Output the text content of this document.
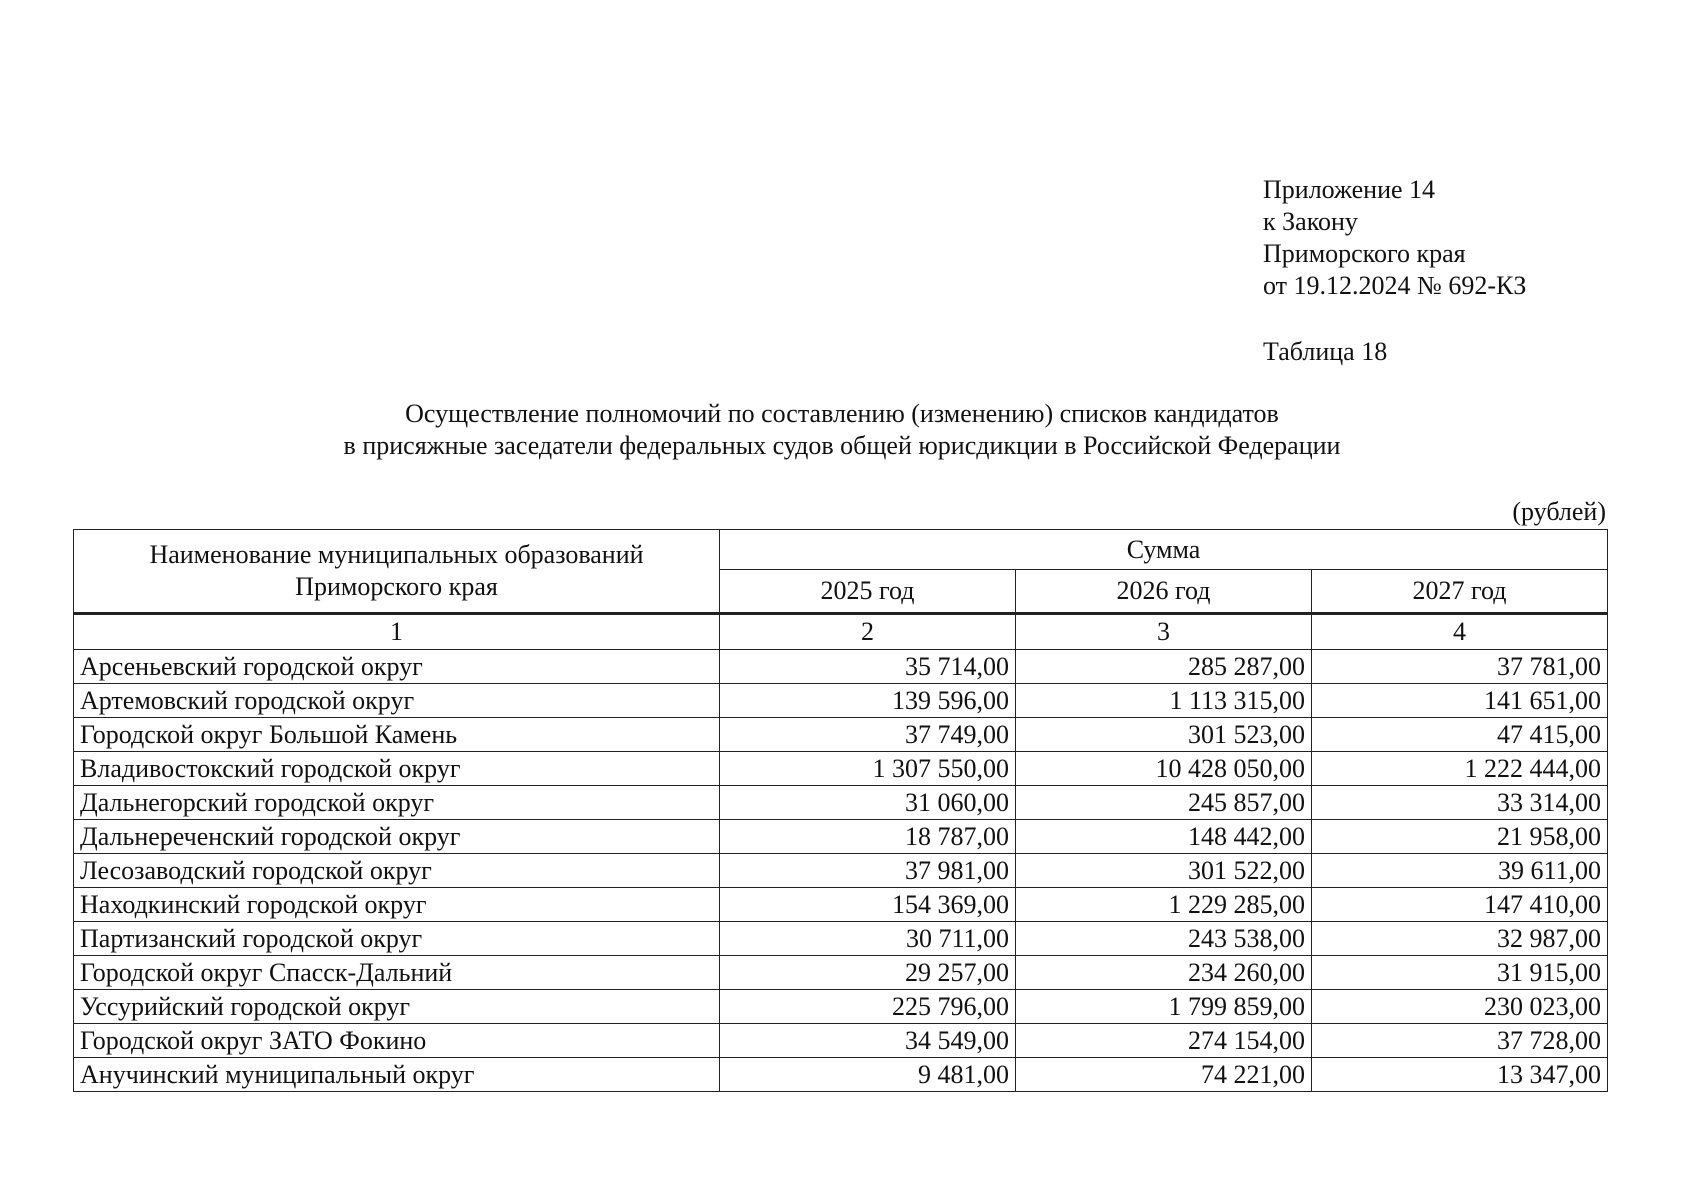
Приложение 14
к Закону
Приморского края
от 19.12.2024 № 692-КЗ
Таблица 18
Осуществление полномочий по составлению (изменению) списков кандидатов
в присяжные заседатели федеральных судов общей юрисдикции в Российской Федерации
(рублей)
Наименование муниципальных образований Приморского края	Сумма		
	2025 год	2026 год	2027 год
1	2	3	4
Арсеньевский городской округ	35 714,00	285 287,00	37 781,00
Артемовский городской округ	139 596,00	1 113 315,00	141 651,00
Городской округ Большой Камень	37 749,00	301 523,00	47 415,00
Владивостокский городской округ	1 307 550,00	10 428 050,00	1 222 444,00
Дальнегорский городской округ	31 060,00	245 857,00	33 314,00
Дальнереченский городской округ	18 787,00	148 442,00	21 958,00
Лесозаводский городской округ	37 981,00	301 522,00	39 611,00
Находкинский городской округ	154 369,00	1 229 285,00	147 410,00
Партизанский городской округ	30 711,00	243 538,00	32 987,00
Городской округ Спасск-Дальний	29 257,00	234 260,00	31 915,00
Уссурийский городской округ	225 796,00	1 799 859,00	230 023,00
Городской округ ЗАТО Фокино	34 549,00	274 154,00	37 728,00
Анучинский муниципальный округ	9 481,00	74 221,00	13 347,00
